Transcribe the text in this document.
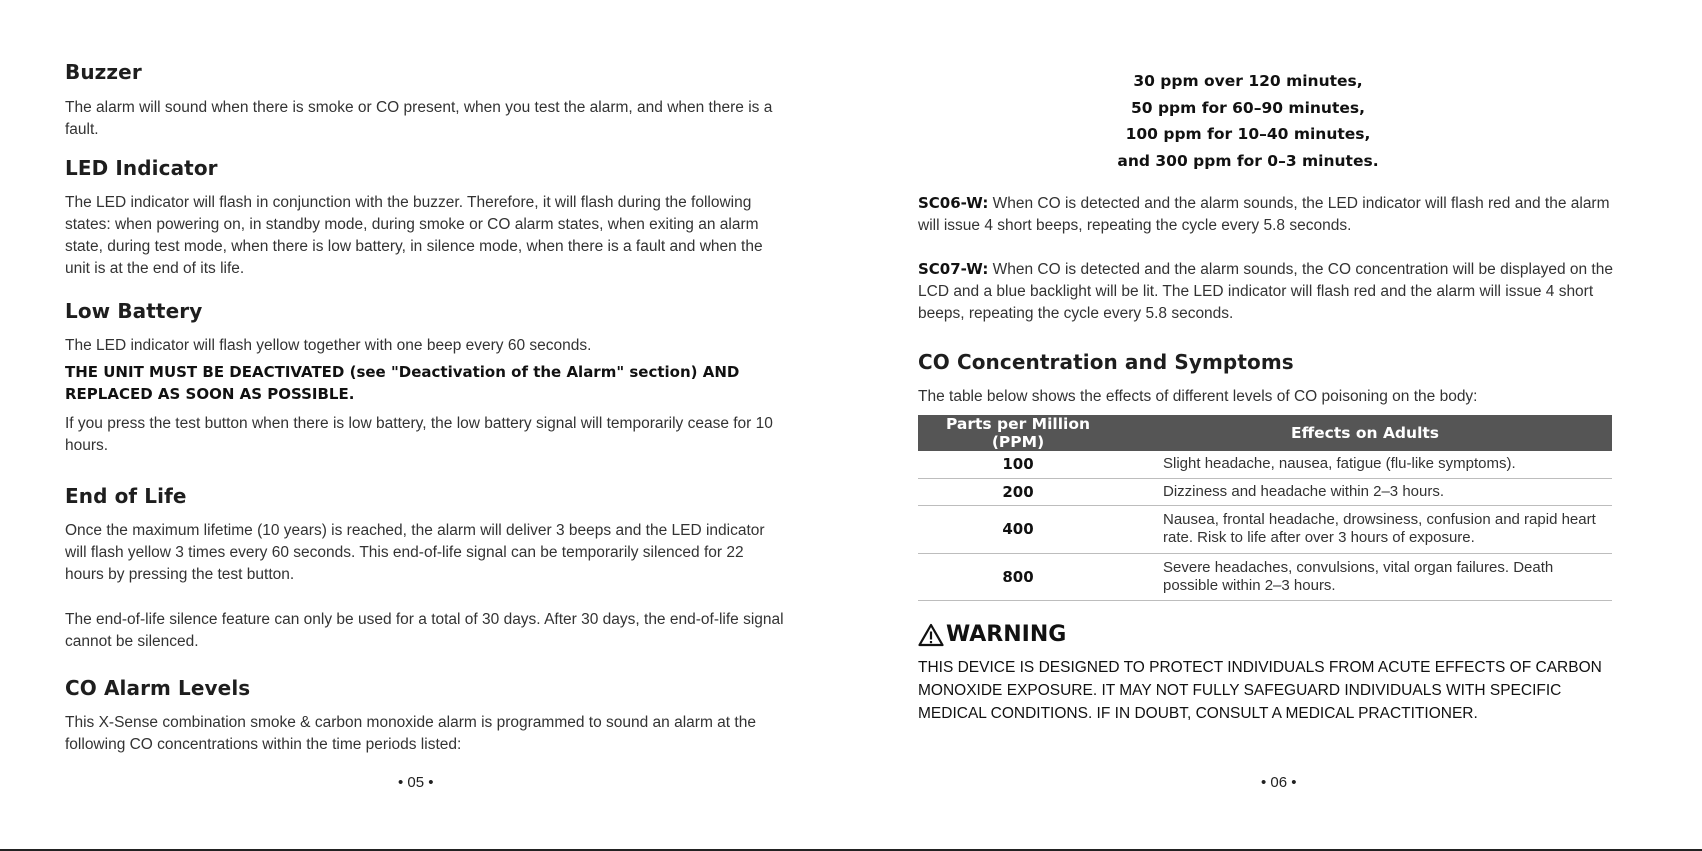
Buzzer

The alarm will sound when there is smoke or CO present, when you test the alarm, and when there is a fault.

LED Indicator

The LED indicator will flash in conjunction with the buzzer. Therefore, it will flash during the following states: when powering on, in standby mode, during smoke or CO alarm states, when exiting an alarm state, during test mode, when there is low battery, in silence mode, when there is a fault and when the unit is at the end of its life.

Low Battery

The LED indicator will flash yellow together with one beep every 60 seconds.

THE UNIT MUST BE DEACTIVATED (see "Deactivation of the Alarm" section) AND REPLACED AS SOON AS POSSIBLE.

If you press the test button when there is low battery, the low battery signal will temporarily cease for 10 hours.

End of Life

Once the maximum lifetime (10 years) is reached, the alarm will deliver 3 beeps and the LED indicator will flash yellow 3 times every 60 seconds. This end-of-life signal can be temporarily silenced for 22 hours by pressing the test button.

The end-of-life silence feature can only be used for a total of 30 days. After 30 days, the end-of-life signal cannot be silenced.

CO Alarm Levels

This X-Sense combination smoke & carbon monoxide alarm is programmed to sound an alarm at the following CO concentrations within the time periods listed:

• 05 •
30 ppm over 120 minutes,
50 ppm for 60–90 minutes,
100 ppm for 10–40 minutes,
and 300 ppm for 0–3 minutes.

SC06-W: When CO is detected and the alarm sounds, the LED indicator will flash red and the alarm will issue 4 short beeps, repeating the cycle every 5.8 seconds.

SC07-W: When CO is detected and the alarm sounds, the CO concentration will be displayed on the LCD and a blue backlight will be lit. The LED indicator will flash red and the alarm will issue 4 short beeps, repeating the cycle every 5.8 seconds.

CO Concentration and Symptoms

The table below shows the effects of different levels of CO poisoning on the body:

Parts per Million (PPM)	Effects on Adults
100	Slight headache, nausea, fatigue (flu-like symptoms).
200	Dizziness and headache within 2–3 hours.
400	Nausea, frontal headache, drowsiness, confusion and rapid heart rate. Risk to life after over 3 hours of exposure.
800	Severe headaches, convulsions, vital organ failures. Death possible within 2–3 hours.
WARNING

THIS DEVICE IS DESIGNED TO PROTECT INDIVIDUALS FROM ACUTE EFFECTS OF CARBON MONOXIDE EXPOSURE. IT MAY NOT FULLY SAFEGUARD INDIVIDUALS WITH SPECIFIC MEDICAL CONDITIONS. IF IN DOUBT, CONSULT A MEDICAL PRACTITIONER.

• 06 •
